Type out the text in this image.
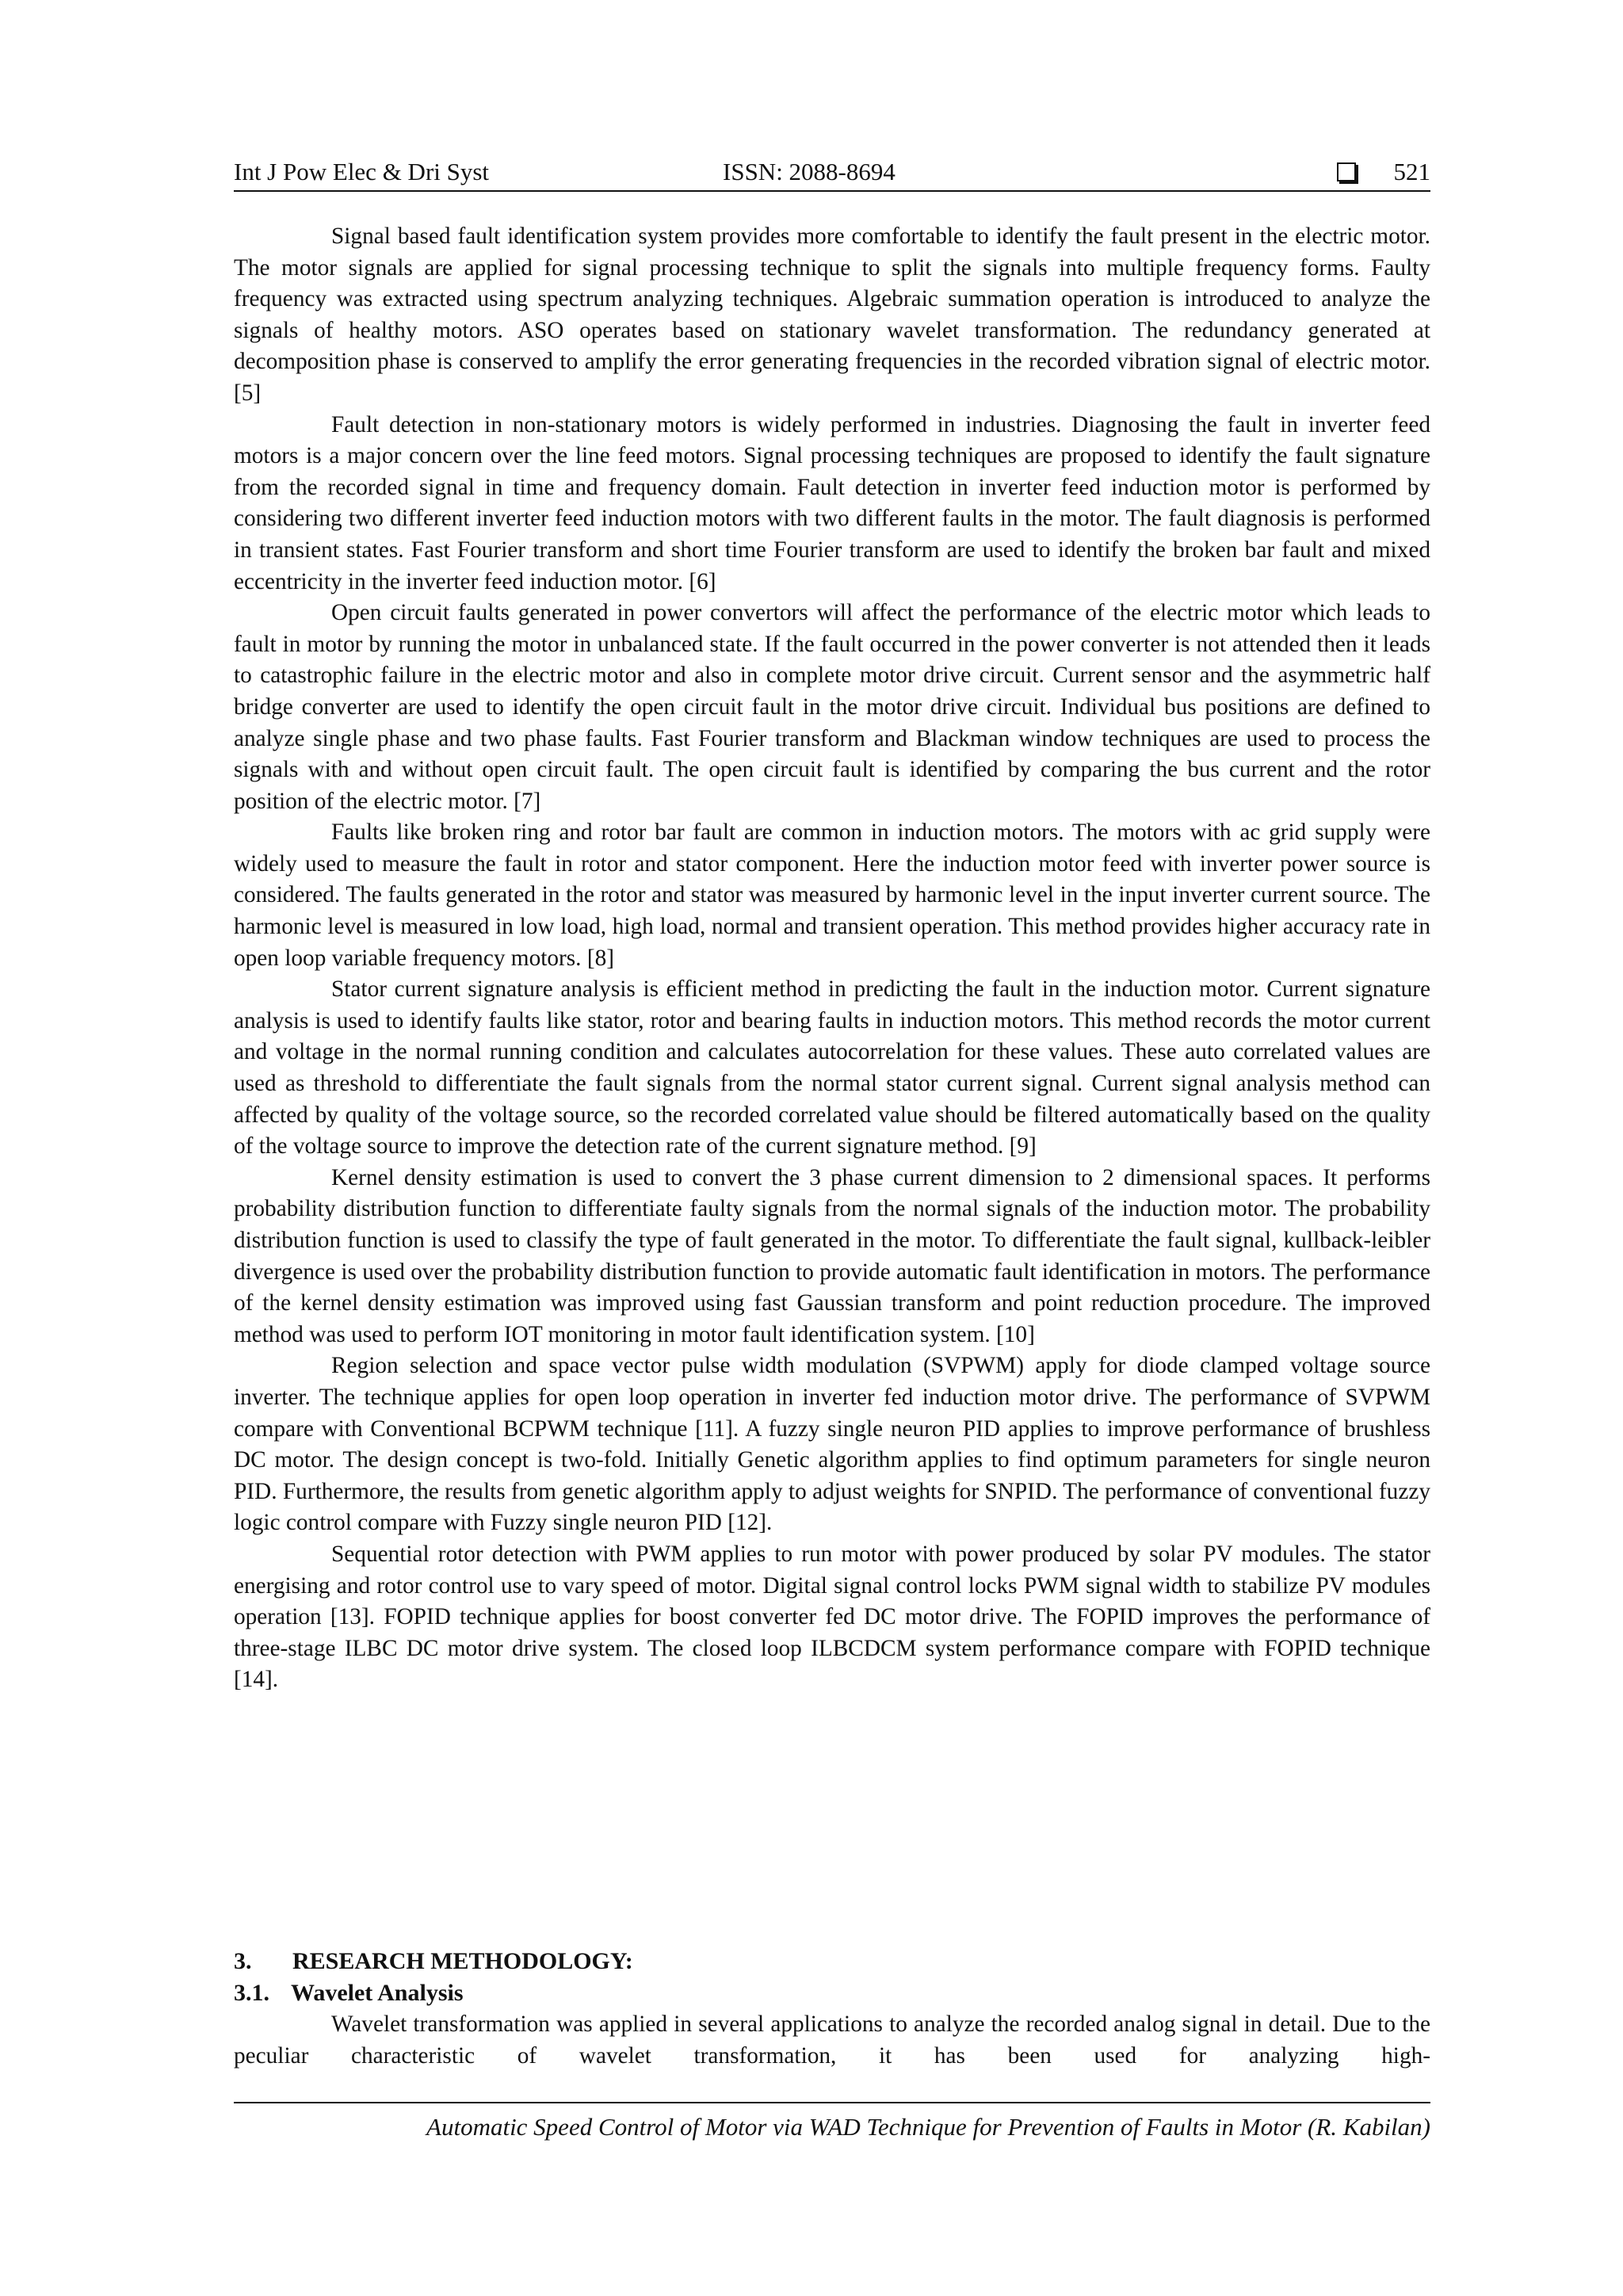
Int J Pow Elec & Dri Syst	ISSN: 2088-8694	521

Signal based fault identification system provides more comfortable to identify the fault present in the electric motor. The motor signals are applied for signal processing technique to split the signals into multiple frequency forms. Faulty frequency was extracted using spectrum analyzing techniques. Algebraic summation operation is introduced to analyze the signals of healthy motors. ASO operates based on stationary wavelet transformation. The redundancy generated at decomposition phase is conserved to amplify the error generating frequencies in the recorded vibration signal of electric motor. [5]

Fault detection in non-stationary motors is widely performed in industries. Diagnosing the fault in inverter feed motors is a major concern over the line feed motors. Signal processing techniques are proposed to identify the fault signature from the recorded signal in time and frequency domain. Fault detection in inverter feed induction motor is performed by considering two different inverter feed induction motors with two different faults in the motor. The fault diagnosis is performed in transient states. Fast Fourier transform and short time Fourier transform are used to identify the broken bar fault and mixed eccentricity in the inverter feed induction motor. [6]

Open circuit faults generated in power convertors will affect the performance of the electric motor which leads to fault in motor by running the motor in unbalanced state. If the fault occurred in the power converter is not attended then it leads to catastrophic failure in the electric motor and also in complete motor drive circuit. Current sensor and the asymmetric half bridge converter are used to identify the open circuit fault in the motor drive circuit. Individual bus positions are defined to analyze single phase and two phase faults. Fast Fourier transform and Blackman window techniques are used to process the signals with and without open circuit fault. The open circuit fault is identified by comparing the bus current and the rotor position of the electric motor. [7]

Faults like broken ring and rotor bar fault are common in induction motors. The motors with ac grid supply were widely used to measure the fault in rotor and stator component. Here the induction motor feed with inverter power source is considered. The faults generated in the rotor and stator was measured by harmonic level in the input inverter current source. The harmonic level is measured in low load, high load, normal and transient operation. This method provides higher accuracy rate in open loop variable frequency motors. [8]

Stator current signature analysis is efficient method in predicting the fault in the induction motor. Current signature analysis is used to identify faults like stator, rotor and bearing faults in induction motors. This method records the motor current and voltage in the normal running condition and calculates autocorrelation for these values. These auto correlated values are used as threshold to differentiate the fault signals from the normal stator current signal. Current signal analysis method can affected by quality of the voltage source, so the recorded correlated value should be filtered automatically based on the quality of the voltage source to improve the detection rate of the current signature method. [9]

Kernel density estimation is used to convert the 3 phase current dimension to 2 dimensional spaces. It performs probability distribution function to differentiate faulty signals from the normal signals of the induction motor. The probability distribution function is used to classify the type of fault generated in the motor. To differentiate the fault signal, kullback-leibler divergence is used over the probability distribution function to provide automatic fault identification in motors. The performance of the kernel density estimation was improved using fast Gaussian transform and point reduction procedure. The improved method was used to perform IOT monitoring in motor fault identification system. [10]

Region selection and space vector pulse width modulation (SVPWM) apply for diode clamped voltage source inverter. The technique applies for open loop operation in inverter fed induction motor drive. The performance of SVPWM compare with Conventional BCPWM technique [11]. A fuzzy single neuron PID applies to improve performance of brushless DC motor. The design concept is two-fold. Initially Genetic algorithm applies to find optimum parameters for single neuron PID. Furthermore, the results from genetic algorithm apply to adjust weights for SNPID. The performance of conventional fuzzy logic control compare with Fuzzy single neuron PID [12].

Sequential rotor detection with PWM applies to run motor with power produced by solar PV modules. The stator energising and rotor control use to vary speed of motor. Digital signal control locks PWM signal width to stabilize PV modules operation [13]. FOPID technique applies for boost converter fed DC motor drive. The FOPID improves the performance of three-stage ILBC DC motor drive system. The closed loop ILBCDCM system performance compare with FOPID technique [14].

3. RESEARCH METHODOLOGY:
3.1. Wavelet Analysis

Wavelet transformation was applied in several applications to analyze the recorded analog signal in detail. Due to the peculiar characteristic of wavelet transformation, it has been used for analyzing high-

Automatic Speed Control of Motor via WAD Technique for Prevention of Faults in Motor (R. Kabilan)
